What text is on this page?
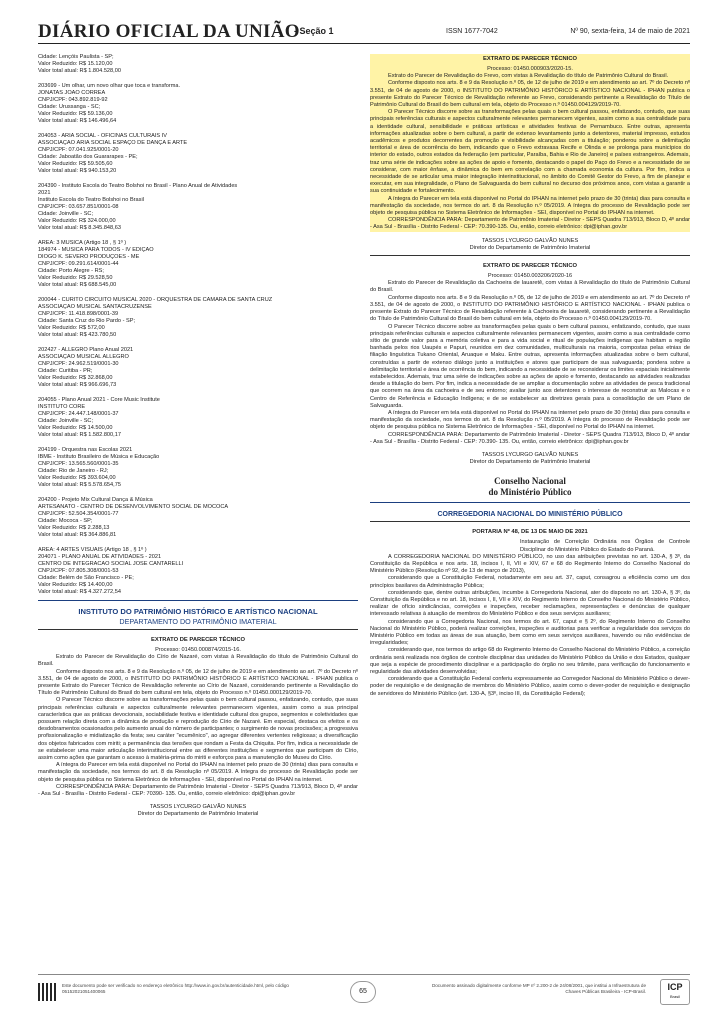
DIÁRIO OFICIAL DA UNIÃO
- Seção 1	ISSN 1677-7042	Nº 90, sexta-feira, 14 de maio de 2021
Cidade: Lençóis Paulista - SP;
Valor Reduzido: R$ 15.120,00
Valor total atual: R$ 1.804.528,00
203699 - Um olhar, um novo olhar que toca e transforma.
JONATAS JOAO CORREA
CNPJ/CPF: 043.892.819-92
Cidade: Urussanga - SC;
Valor Reduzido: R$ 59.136,00
Valor total atual: R$ 146.496,64
204053 - ARIA SOCIAL - OFICINAS CULTURAIS IV
ASSOCIAÇÃO ÁRIA SOCIAL ESPAÇO DE DANÇA E ARTE
CNPJ/CPF: 07.041.925/0001-20
Cidade: Jaboatão dos Guararapes - PE;
Valor Reduzido: R$ 59.505,60
Valor total atual: R$ 940.153,20
204390 - Instituto Escola do Teatro Bolshoi no Brasil - Plano Anual de Atividades
2021
Instituto Escola do Teatro Bolshoi no Brasil
CNPJ/CPF: 03.657.851/0001-08
Cidade: Joinville - SC;
Valor Reduzido: R$ 324.000,00
Valor total atual: R$ 8.345.848,63
ÁREA: 3 MÚSICA (Artigo 18 , § 1º )
184974 - MÚSICA PARA TODOS - IV EDIÇÃO
DIOGO K. SEVERO PRODUÇÕES - ME
CNPJ/CPF: 09.291.614/0001-44
Cidade: Porto Alegre - RS;
Valor Reduzido: R$ 29.528,50
Valor total atual: R$ 688.545,00
200044 - CURITO CIRCUITO MUSICAL 2020 - ORQUESTRA DE CÂMARA DE SANTA CRUZ
ASSOCIAÇÃO MUSICAL SANTACRUZENSE
CNPJ/CPF: 11.418.898/0001-39
Cidade: Santa Cruz do Rio Pardo - SP;
Valor Reduzido: R$ 572,00
Valor total atual: R$ 423.780,50
202427 - ALLEGRO Plano Anual 2021
ASSOCIAÇÃO MUSICAL ALLEGRO
CNPJ/CPF: 24.962.519/0001-30
Cidade: Curitiba - PR;
Valor Reduzido: R$ 32.868,00
Valor total atual: R$ 966.696,73
204055 - Plano Anual 2021 - Core Music Institute
INSTITUTO CORE
CNPJ/CPF: 24.447.148/0001-37
Cidade: Joinville - SC;
Valor Reduzido: R$ 14.500,00
Valor total atual: R$ 1.582.800,17
204199 - Orquestra nas Escolas 2021
IBME - Instituto Brasileiro de Música e Educação
CNPJ/CPF: 13.565.560/0001-35
Cidade: Rio de Janeiro - RJ;
Valor Reduzido: R$ 393.604,00
Valor total atual: R$ 5.578.654,75
204200 - Projeto Mix Cultural Dança & Música
ARTESANATO - CENTRO DE DESENVOLVIMENTO SOCIAL DE MOCOCA
CNPJ/CPF: 52.504.354/0001-77
Cidade: Mococa - SP;
Valor Reduzido: R$ 2.288,13
Valor total atual: R$ 364.886,81
ÁREA: 4 ARTES VISUAIS (Artigo 18 , § 1º )
204071 - PLANO ANUAL DE ATIVIDADES - 2021
CENTRO DE INTEGRACAO SOCIAL JOSE CANTARELLI
CNPJ/CPF: 07.805.308/0001-53
Cidade: Belém de São Francisco - PE;
Valor Reduzido: R$ 14.400,00
Valor total atual: R$ 4.327.272,54
INSTITUTO DO PATRIMÔNIO HISTÓRICO E ARTÍSTICO NACIONAL
DEPARTAMENTO DO PATRIMÔNIO IMATERIAL
EXTRATO DE PARECER TÉCNICO

Processo: 01450.000874/2015-16.

Extrato do Parecer de Revalidação do Círio de Nazaré, com vistas à Revalidação do título de Patrimônio Cultural do Brasil.

Conforme disposto nos arts. 8 e 9 da Resolução n.º 05, de 12 de julho de 2019 e em atendimento ao art. 7º do Decreto nº 3.551, de 04 de agosto de 2000, o INSTITUTO DO PATRIMÔNIO HISTÓRICO E ARTÍSTICO NACIONAL - IPHAN publica o presente Extrato do Parecer Técnico de Revalidação referente ao Círio de Nazaré, considerando pertinente a Revalidação do Título de Patrimônio Cultural do Brasil do bem cultural em tela, objeto do Processo n.º 01450.000129/2019-70.

O Parecer Técnico discorre sobre as transformações pelas quais o bem cultural passou, enfatizando, contudo, que suas principais referências culturais e aspectos culturalmente relevantes permanecem vigentes, assim como a sua principal característica que as práticas devocionais, sociabilidade festiva e identidade cultural dos grupos, segmentos e coletividades que possuem relação direta com a dinâmica de produção e reprodução do Círio de Nazaré. Em especial, destaca os efeitos e os desdobramentos ocasionados pelo aumento anual do número de participantes; o surgimento de novas procissões; a progressiva profissionalização e midiatização da festa; seu caráter "ecumênico", ao agregar diferentes vertentes religiosas; a diversificação dos objetos fabricados com miriti; a permanência das tensões que rondam a Festa da Chiquita. Por fim, indica a necessidade de se estabelecer uma maior articulação interinstitucional entre as diferentes instituições e segmentos que participam do Círio, assim como ações que garantam o acesso à matéria-prima do miriti e esforços para a manutenção do Museu do Círio.

A íntegra do Parecer em tela está disponível no Portal do IPHAN na internet pelo prazo de 30 (trinta) dias para consulta e manifestação da sociedade, nos termos do art. 8 da Resolução nº 05/2019. A íntegra do processo de Revalidação pode ser objeto de pesquisa pública no Sistema Eletrônico de Informações - SEI, disponível no Portal do IPHAN na internet.

CORRESPONDÊNCIA PARA: Departamento de Patrimônio Imaterial - Diretor - SEPS Quadra 713/913, Bloco D, 4º andar - Asa Sul - Brasília - Distrito Federal - CEP: 70390- 135. Ou, então, correio eletrônico: dpi@iphan.gov.br

TASSOS LYCURGO GALVÃO NUNES
Diretor do Departamento de Patrimônio Imaterial
EXTRATO DE PARECER TÉCNICO

Processo: 01450.000903/2020-15.

Extrato do Parecer de Revalidação do Frevo, com vistas à Revalidação do título de Patrimônio Cultural do Brasil.

Conforme disposto nos arts. 8 e 9 da Resolução n.º 05, de 12 de julho de 2019 e em atendimento ao art. 7º do Decreto nº 3.551, de 04 de agosto de 2000, o INSTITUTO DO PATRIMÔNIO HISTÓRICO E ARTÍSTICO NACIONAL - IPHAN publica o presente Extrato do Parecer Técnico de Revalidação referente ao Frevo, considerando pertinente a Revalidação do Título de Patrimônio Cultural do Brasil do bem cultural em tela, objeto do Processo n.º 01450.004129/2019-70.

O Parecer Técnico discorre sobre as transformações pelas quais o bem cultural passou, enfatizando, contudo, que suas principais referências culturais e aspectos culturalmente relevantes permanecem vigentes, assim como a sua centralidade para a identidade cultural, sensibilidade e práticas artísticas e atividades festivas de Pernambuco. Entre outras, apresenta informações atualizadas sobre o bem cultural, a partir de extenso levantamento junto a detentores, material impresso, estudos acadêmicos e produtos decorrentes da promoção e visibilidade alcançadas com a titulação; ponderou sobre a delimitação territorial e área de ocorrência do bem, indicando que o Frevo extravasa Recife e Olinda e se prolonga para municípios do interior do estado, outros estados da federação (em particular, Paraíba, Bahia e Rio de Janeiro) e países estrangeiros. Ademais, traz uma série de indicações sobre as ações de apoio e fomento, destacando o papel do Paço do Frevo e a necessidade de se considerar, com maior ênfase, a dinâmica do bem em correlação com a chamada economia da cultura. Por fim, indica a necessidade de se articular uma maior integração interinstitucional, no âmbito do Comitê Gestor do Frevo, a fim de planejar e executar, em sua integralidade, o Plano de Salvaguarda do bem cultural no decurso dos próximos anos, com vistas a garantir a sua continuidade e fortalecimento.

A íntegra do Parecer em tela está disponível no Portal do IPHAN na internet pelo prazo de 30 (trinta) dias para consulta e manifestação da sociedade, nos termos do art. 8 da Resolução n.º 05/2019. A íntegra do processo de Revalidação pode ser objeto de pesquisa pública no Sistema Eletrônico de Informações - SEI, disponível no Portal do IPHAN na internet.

CORRESPONDÊNCIA PARA: Departamento de Patrimônio Imaterial - Diretor - SEPS Quadra 713/913, Bloco D, 4º andar - Asa Sul - Brasília - Distrito Federal - CEP: 70.390-135. Ou, então, correio eletrônico: dpi@iphan.gov.br

TASSOS LYCURGO GALVÃO NUNES
Diretor do Departamento de Patrimônio Imaterial
EXTRATO DE PARECER TÉCNICO

Processo: 01450.003206/2020-16

Extrato do Parecer de Revalidação da Cachoeira de Iauaretê, com vistas à Revalidação do título de Patrimônio Cultural do Brasil.

Conforme disposto nos arts. 8 e 9 da Resolução n.º 05, de 12 de julho de 2019 e em atendimento ao art. 7º do Decreto nº 3.551, de 04 de agosto de 2000, o INSTITUTO DO PATRIMÔNIO HISTÓRICO E ARTÍSTICO NACIONAL - IPHAN publica o presente Extrato do Parecer Técnico de Revalidação referente à Cachoeira de Iauaretê, considerando pertinente a Revalidação do Título de Patrimônio Cultural do Brasil do bem cultural em tela, objeto do Processo n.º 01450.004129/2019-70.

O Parecer Técnico discorre sobre as transformações pelas quais o bem cultural passou, enfatizando, contudo, que suas principais referências culturais e aspectos culturalmente relevantes permanecem vigentes, assim como a sua centralidade como sítio de grande valor para a memória coletiva e para a vida social e ritual de populações indígenas que habitam a região banhada pelos rios Uaupés e Papuri, reunidos em dez comunidades, multiculturais na maioria, compostas pelas etnias de filiação linguística Tukano Oriental, Aruaque e Maku. Entre outras, apresenta informações atualizadas sobre o bem cultural, construídas a partir de extenso diálogo junto a instituições e atores que participam de sua salvaguarda; pondera sobre a delimitação territorial e área de ocorrência do bem, indicando a necessidade de se reconsiderar os limites espaciais inicialmente estabelecidos. Ademais, traz uma série de indicações sobre as ações de apoio e fomento, destacando as atividades realizadas desde a titulação do bem. Por fim, indica a necessidade de se ampliar a documentação sobre as atividades de pesca tradicional que ocorrem na área da cachoeira e de seu entorno; avaliar junto aos detentores o interesse de reconstruir as Malocas e o Centro de Referência e Educação Indígena; e de se estabelecer as diretrizes gerais para a consolidação de um Plano de Salvaguarda.

A íntegra do Parecer em tela está disponível no Portal do IPHAN na internet pelo prazo de 30 (trinta) dias para consulta e manifestação da sociedade, nos termos do art. 8 da Resolução n.º 05/2019. A íntegra do processo de Revalidação pode ser objeto de pesquisa pública no Sistema Eletrônico de Informações - SEI, disponível no Portal do IPHAN na internet.

CORRESPONDÊNCIA PARA: Departamento de Patrimônio Imaterial - Diretor - SEPS Quadra 713/913, Bloco D, 4º andar - Asa Sul - Brasília - Distrito Federal - CEP: 70.390- 135. Ou, então, correio eletrônico: dpi@iphan.gov.br

TASSOS LYCURGO GALVÃO NUNES
Diretor do Departamento de Patrimônio Imaterial
Conselho Nacional
do Ministério Público
CORREGEDORIA NACIONAL DO MINISTÉRIO PÚBLICO
PORTARIA Nº 48, DE 13 DE MAIO DE 2021

Instauração de Correição Ordinária nos Órgãos de Controle Disciplinar do Ministério Público do Estado do Paraná.

A CORREGEDORIA NACIONAL DO MINISTÉRIO PÚBLICO, no uso das atribuições previstas no art. 130-A, § 3º, da Constituição da República e nos arts. 18, incisos I, II, VII e XIV, 67 e 68 do Regimento Interno do Conselho Nacional do Ministério Público (Resolução nº 92, de 13 de março de 2013),

considerando que a Constituição Federal, notadamente em seu art. 37, caput, consagrou a eficiência como um dos princípios basilares da Administração Pública;

considerando que, dentre outras atribuições, incumbe à Corregedoria Nacional, ater do disposto no art. 130-A, § 3º, da Constituição da República e no art. 18, incisos I, II, VII e XIV, do Regimento Interno do Conselho Nacional do Ministério Público, realizar de ofício sindicâncias, correições e inspeções, receber reclamações, representações e denúncias de qualquer interessado relativas à atuação de membros do Ministério Público e dos seus serviços auxiliares;

considerando que a Corregedoria Nacional, nos termos do art. 67, caput e § 2º, do Regimento Interno do Conselho Nacional do Ministério Público, poderá realizar correições, inspeções e auditorias para verificar a regularidade dos serviços do Ministério Público em todas as áreas de sua atuação, bem como em seus serviços auxiliares, havendo ou não evidências de irregularidades;

considerando que, nos termos do artigo 68 do Regimento Interno do Conselho Nacional do Ministério Público, a correição ordinária será realizada nos órgãos de controle disciplinar das unidades do Ministério Público da União e dos Estados, qualquer que seja a espécie de procedimento disciplinar e a participação do órgão no seu trâmite, para verificação do funcionamento e regularidade das atividades desenvolvidas;

considerando que a Constituição Federal conferiu expressamente ao Corregedor Nacional do Ministério Público o dever-poder de requisição e de designação de membros do Ministério Público, assim como o dever-poder de requisição e designação de servidores do Ministério Público (art. 130-A, §3º, inciso III, da Constituição Federal);

Este documento pode ser verificado no endereço eletrônico http://www.in.gov.br/autenticidade.html, pelo código 05152021051400065	65
Documento assinado digitalmente conforme MP nº 2.200-2 de 24/08/2001, que institui a Infraestrutura de Chaves Públicas Brasileira - ICP-Brasil.	ICP
Brasil
